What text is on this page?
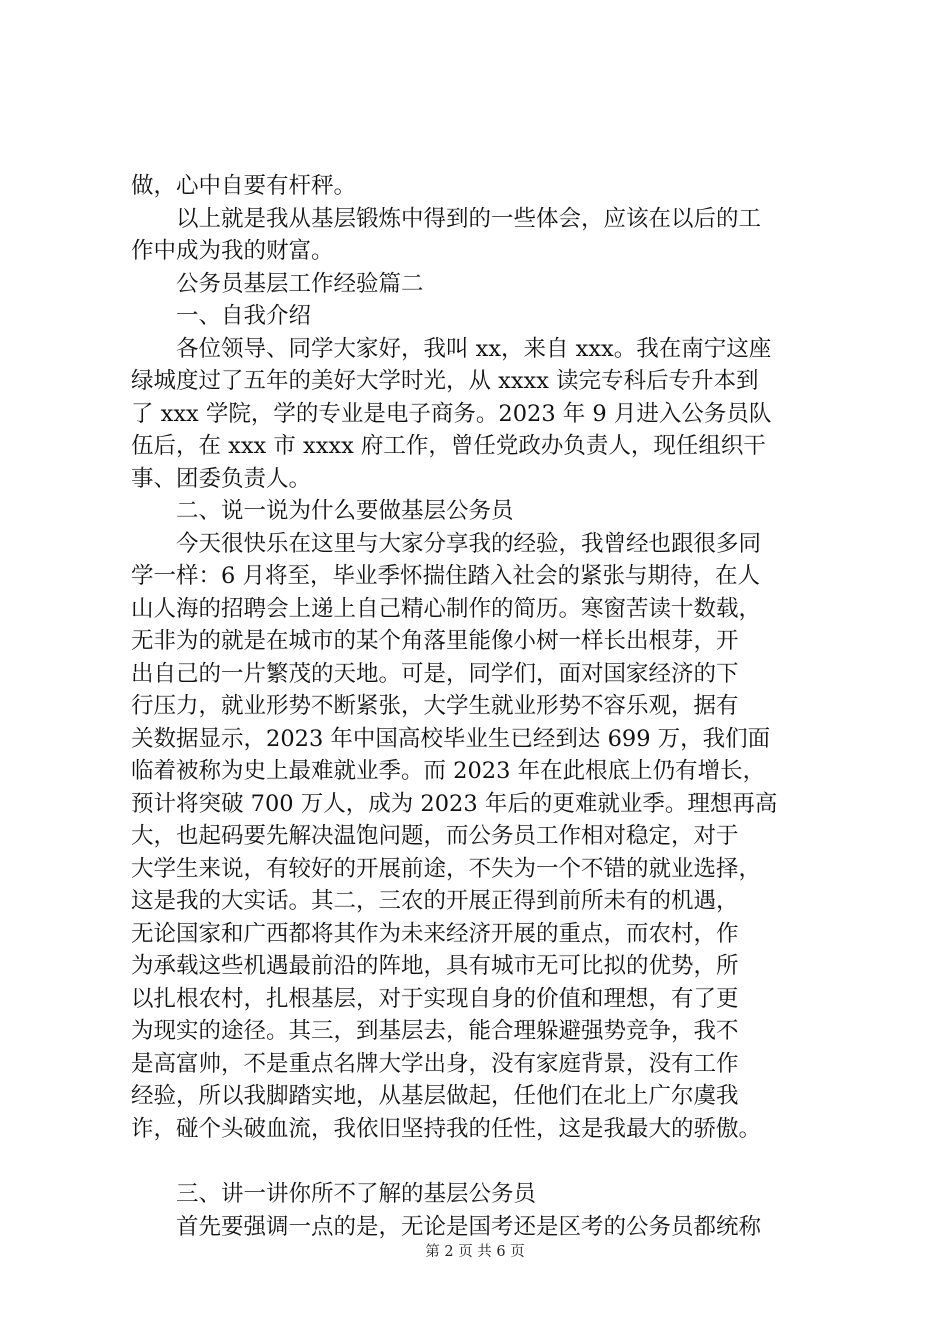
做，心中自要有杆秤。
以上就是我从基层锻炼中得到的一些体会，应该在以后的工
作中成为我的财富。
公务员基层工作经验篇二
一、自我介绍
各位领导、同学大家好，我叫 xx，来自 xxx。我在南宁这座
绿城度过了五年的美好大学时光，从 xxxx 读完专科后专升本到
了 xxx 学院，学的专业是电子商务。2023 年 9 月进入公务员队
伍后，在 xxx 市 xxxx 府工作，曾任党政办负责人，现任组织干
事、团委负责人。
二、说一说为什么要做基层公务员
今天很快乐在这里与大家分享我的经验，我曾经也跟很多同
学一样：6 月将至，毕业季怀揣住踏入社会的紧张与期待，在人
山人海的招聘会上递上自己精心制作的简历。寒窗苦读十数载，
无非为的就是在城市的某个角落里能像小树一样长出根芽，开
出自己的一片繁茂的天地。可是，同学们，面对国家经济的下
行压力，就业形势不断紧张，大学生就业形势不容乐观，据有
关数据显示，2023 年中国高校毕业生已经到达 699 万，我们面
临着被称为史上最难就业季。而 2023 年在此根底上仍有增长，
预计将突破 700 万人，成为 2023 年后的更难就业季。理想再高
大，也起码要先解决温饱问题，而公务员工作相对稳定，对于
大学生来说，有较好的开展前途，不失为一个不错的就业选择，
这是我的大实话。其二，三农的开展正得到前所未有的机遇，
无论国家和广西都将其作为未来经济开展的重点，而农村，作
为承载这些机遇最前沿的阵地，具有城市无可比拟的优势，所
以扎根农村，扎根基层，对于实现自身的价值和理想，有了更
为现实的途径。其三，到基层去，能合理躲避强势竞争，我不
是高富帅，不是重点名牌大学出身，没有家庭背景，没有工作
经验，所以我脚踏实地，从基层做起，任他们在北上广尔虞我
诈，碰个头破血流，我依旧坚持我的任性，这是我最大的骄傲。
三、讲一讲你所不了解的基层公务员
首先要强调一点的是，无论是国考还是区考的公务员都统称
第 2 页 共 6 页
